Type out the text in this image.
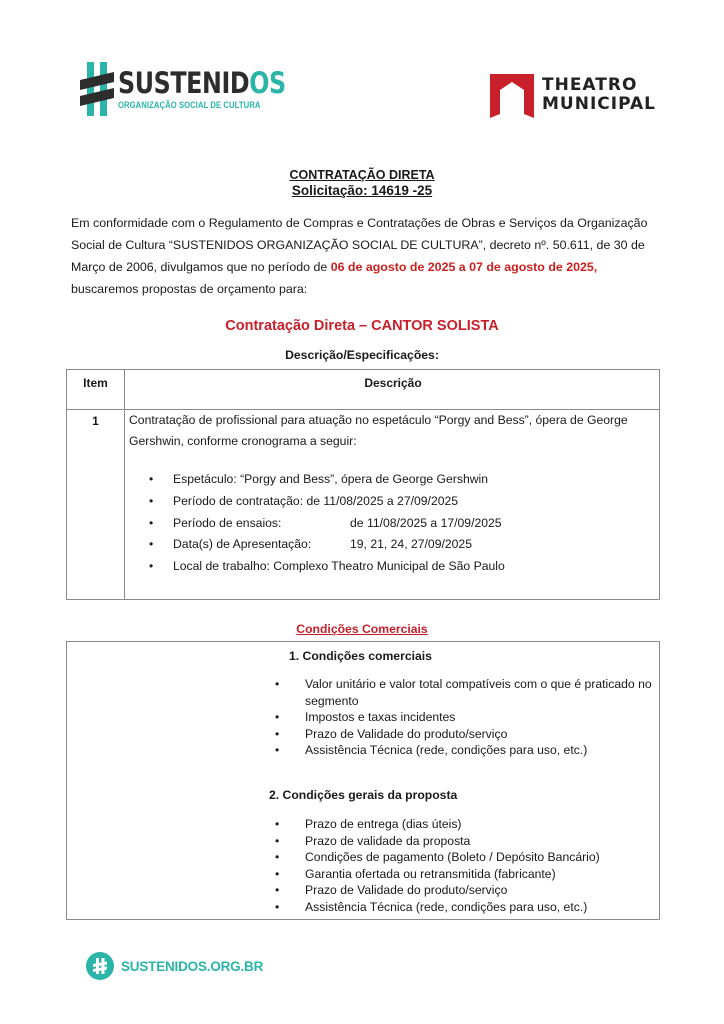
SUSTENIDOS
ORGANIZAÇÃO SOCIAL DE CULTURA
THEATRO
MUNICIPAL
CONTRATAÇÃO DIRETA
Solicitação: 14619 -25
Em conformidade com o Regulamento de Compras e Contratações de Obras e Serviços da Organização Social de Cultura “SUSTENIDOS ORGANIZAÇÃO SOCIAL DE CULTURA”, decreto nº. 50.611, de 30 de Março de 2006, divulgamos que no período de 06 de agosto de 2025 a 07 de agosto de 2025, buscaremos propostas de orçamento para:
Contratação Direta – CANTOR SOLISTA
Descrição/Especificações:
Item	Descrição
1	Contratação de profissional para atuação no espetáculo “Porgy and Bess”, ópera de George Gershwin, conforme cronograma a seguir:
• Espetáculo: “Porgy and Bess”, ópera de George Gershwin
• Período de contratação: de 11/08/2025 a 27/09/2025
• Período de ensaios:	de 11/08/2025 a 17/09/2025
• Data(s) de Apresentação:	19, 21, 24, 27/09/2025
• Local de trabalho: Complexo Theatro Municipal de São Paulo
Condições Comerciais
1. Condições comerciais
• Valor unitário e valor total compatíveis com o que é praticado no segmento
• Impostos e taxas incidentes
• Prazo de Validade do produto/serviço
• Assistência Técnica (rede, condições para uso, etc.)
2. Condições gerais da proposta
• Prazo de entrega (dias úteis)
• Prazo de validade da proposta
• Condições de pagamento (Boleto / Depósito Bancário)
• Garantia ofertada ou retransmitida (fabricante)
• Prazo de Validade do produto/serviço
• Assistência Técnica (rede, condições para uso, etc.)
SUSTENIDOS.ORG.BR
